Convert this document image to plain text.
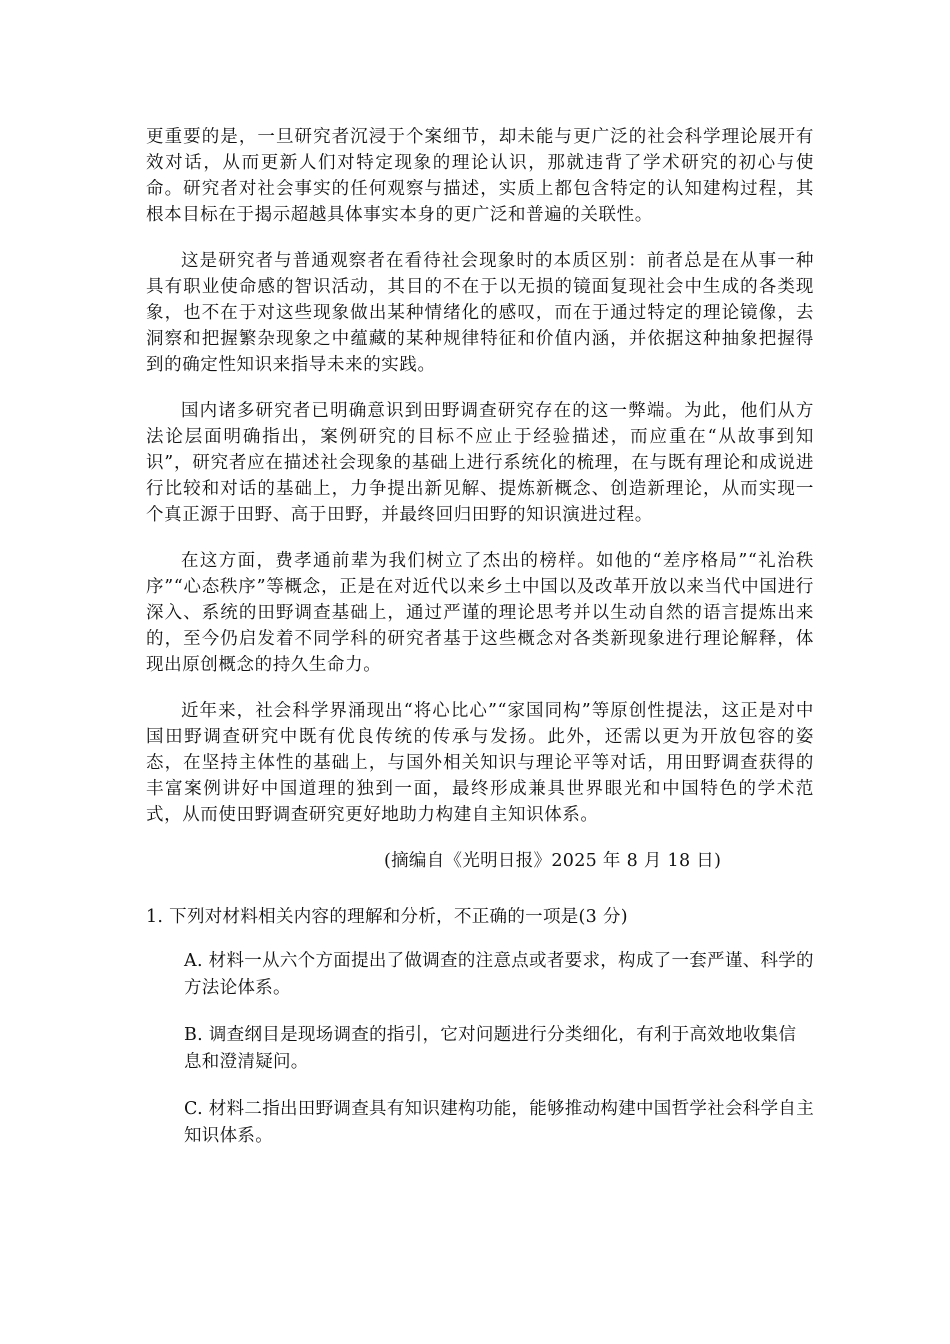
更重要的是，一旦研究者沉浸于个案细节，却未能与更广泛的社会科学理论展开有效对话，从而更新人们对特定现象的理论认识，那就违背了学术研究的初心与使命。研究者对社会事实的任何观察与描述，实质上都包含特定的认知建构过程，其根本目标在于揭示超越具体事实本身的更广泛和普遍的关联性。

这是研究者与普通观察者在看待社会现象时的本质区别：前者总是在从事一种具有职业使命感的智识活动，其目的不在于以无损的镜面复现社会中生成的各类现象，也不在于对这些现象做出某种情绪化的感叹，而在于通过特定的理论镜像，去洞察和把握繁杂现象之中蕴藏的某种规律特征和价值内涵，并依据这种抽象把握得到的确定性知识来指导未来的实践。

国内诸多研究者已明确意识到田野调查研究存在的这一弊端。为此，他们从方法论层面明确指出，案例研究的目标不应止于经验描述，而应重在“从故事到知识”，研究者应在描述社会现象的基础上进行系统化的梳理，在与既有理论和成说进行比较和对话的基础上，力争提出新见解、提炼新概念、创造新理论，从而实现一个真正源于田野、高于田野，并最终回归田野的知识演进过程。

在这方面，费孝通前辈为我们树立了杰出的榜样。如他的“差序格局”“礼治秩序”“心态秩序”等概念，正是在对近代以来乡土中国以及改革开放以来当代中国进行深入、系统的田野调查基础上，通过严谨的理论思考并以生动自然的语言提炼出来的，至今仍启发着不同学科的研究者基于这些概念对各类新现象进行理论解释，体现出原创概念的持久生命力。

近年来，社会科学界涌现出“将心比心”“家国同构”等原创性提法，这正是对中国田野调查研究中既有优良传统的传承与发扬。此外，还需以更为开放包容的姿态，在坚持主体性的基础上，与国外相关知识与理论平等对话，用田野调查获得的丰富案例讲好中国道理的独到一面，最终形成兼具世界眼光和中国特色的学术范式，从而使田野调查研究更好地助力构建自主知识体系。

(摘编自《光明日报》2025 年 8 月 18 日)
1. 下列对材料相关内容的理解和分析，不正确的一项是(3 分)
A. 材料一从六个方面提出了做调查的注意点或者要求，构成了一套严谨、科学的方法论体系。
B. 调查纲目是现场调查的指引，它对问题进行分类细化，有利于高效地收集信息和澄清疑问。
C. 材料二指出田野调查具有知识建构功能，能够推动构建中国哲学社会科学自主知识体系。
